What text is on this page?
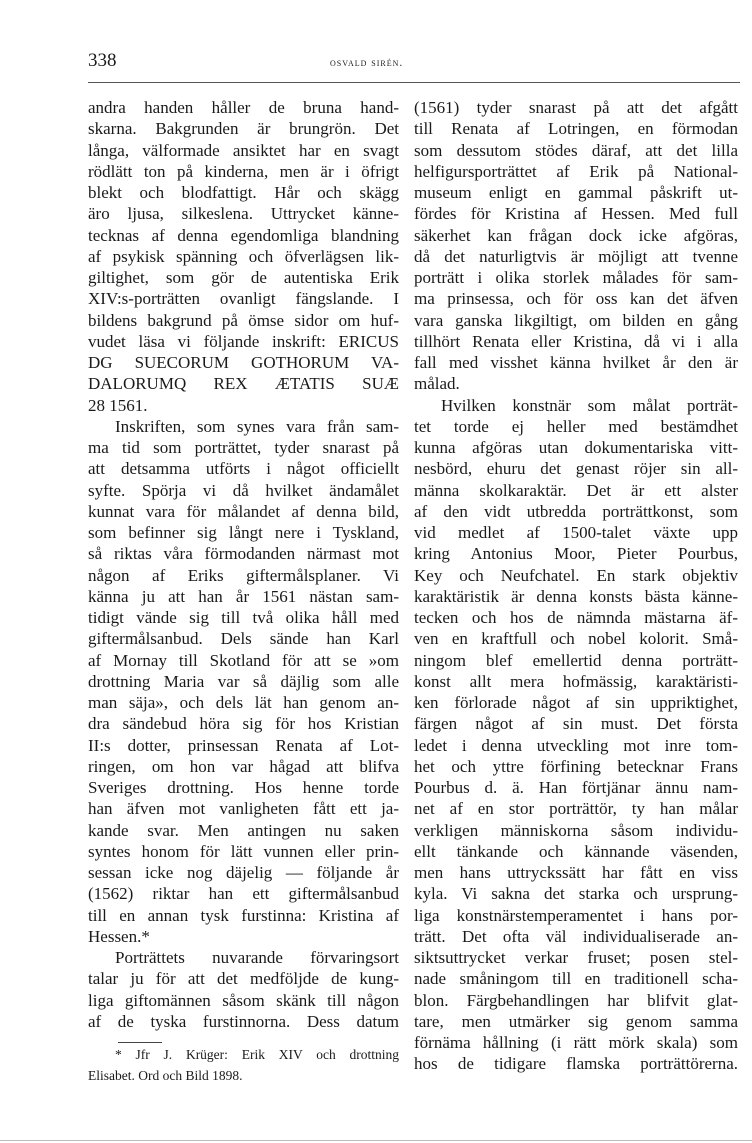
338	osvald sirén.
andra handen håller de bruna hand-
skarna. Bakgrunden är brungrön. Det
långa, välformade ansiktet har en svagt
rödlätt ton på kinderna, men är i öfrigt
blekt och blodfattigt. Hår och skägg
äro ljusa, silkeslena. Uttrycket känne-
tecknas af denna egendomliga blandning
af psykisk spänning och öfverlägsen lik-
giltighet, som gör de autentiska Erik
XIV:s-porträtten ovanligt fängslande. I
bildens bakgrund på ömse sidor om huf-
vudet läsa vi följande inskrift: ERICUS
DG SUECORUM GOTHORUM VA-
DALORUMQ REX ÆTATIS SUÆ
28 1561.
Inskriften, som synes vara från sam-
ma tid som porträttet, tyder snarast på
att detsamma utförts i något officiellt
syfte. Spörja vi då hvilket ändamålet
kunnat vara för målandet af denna bild,
som befinner sig långt nere i Tyskland,
så riktas våra förmodanden närmast mot
någon af Eriks giftermålsplaner. Vi
känna ju att han år 1561 nästan sam-
tidigt vände sig till två olika håll med
giftermålsanbud. Dels sände han Karl
af Mornay till Skotland för att se »om
drottning Maria var så däjlig som alle
man säja», och dels lät han genom an-
dra sändebud höra sig för hos Kristian
II:s dotter, prinsessan Renata af Lot-
ringen, om hon var hågad att blifva
Sveriges drottning. Hos henne torde
han äfven mot vanligheten fått ett ja-
kande svar. Men antingen nu saken
syntes honom för lätt vunnen eller prin-
sessan icke nog däjelig — följande år
(1562) riktar han ett giftermålsanbud
till en annan tysk furstinna: Kristina af
Hessen.*
Porträttets nuvarande förvaringsort
talar ju för att det medföljde de kung-
liga giftomännen såsom skänk till någon
af de tyska furstinnorna. Dess datum
(1561) tyder snarast på att det afgått
till Renata af Lotringen, en förmodan
som dessutom stödes däraf, att det lilla
helfigursporträttet af Erik på National-
museum enligt en gammal påskrift ut-
fördes för Kristina af Hessen. Med full
säkerhet kan frågan dock icke afgöras,
då det naturligtvis är möjligt att tvenne
porträtt i olika storlek målades för sam-
ma prinsessa, och för oss kan det äfven
vara ganska likgiltigt, om bilden en gång
tillhört Renata eller Kristina, då vi i alla
fall med visshet känna hvilket år den är
målad.
Hvilken konstnär som målat porträt-
tet torde ej heller med bestämdhet
kunna afgöras utan dokumentariska vitt-
nesbörd, ehuru det genast röjer sin all-
männa skolkaraktär. Det är ett alster
af den vidt utbredda porträttkonst, som
vid medlet af 1500-talet växte upp
kring Antonius Moor, Pieter Pourbus,
Key och Neufchatel. En stark objektiv
karaktäristik är denna konsts bästa känne-
tecken och hos de nämnda mästarna äf-
ven en kraftfull och nobel kolorit. Små-
ningom blef emellertid denna porträtt-
konst allt mera hofmässig, karaktäristi-
ken förlorade något af sin uppriktighet,
färgen något af sin must. Det första
ledet i denna utveckling mot inre tom-
het och yttre förfining betecknar Frans
Pourbus d. ä. Han förtjänar ännu nam-
net af en stor porträttör, ty han målar
verkligen människorna såsom individu-
ellt tänkande och kännande väsenden,
men hans uttryckssätt har fått en viss
kyla. Vi sakna det starka och ursprung-
liga konstnärstemperamentet i hans por-
trätt. Det ofta väl individualiserade an-
siktsuttrycket verkar fruset; posen stel-
nade småningom till en traditionell scha-
blon. Färgbehandlingen har blifvit glat-
tare, men utmärker sig genom samma
förnäma hållning (i rätt mörk skala) som
hos de tidigare flamska porträttörerna.
* Jfr J. Krüger: Erik XIV och drottning
Elisabet. Ord och Bild 1898.
